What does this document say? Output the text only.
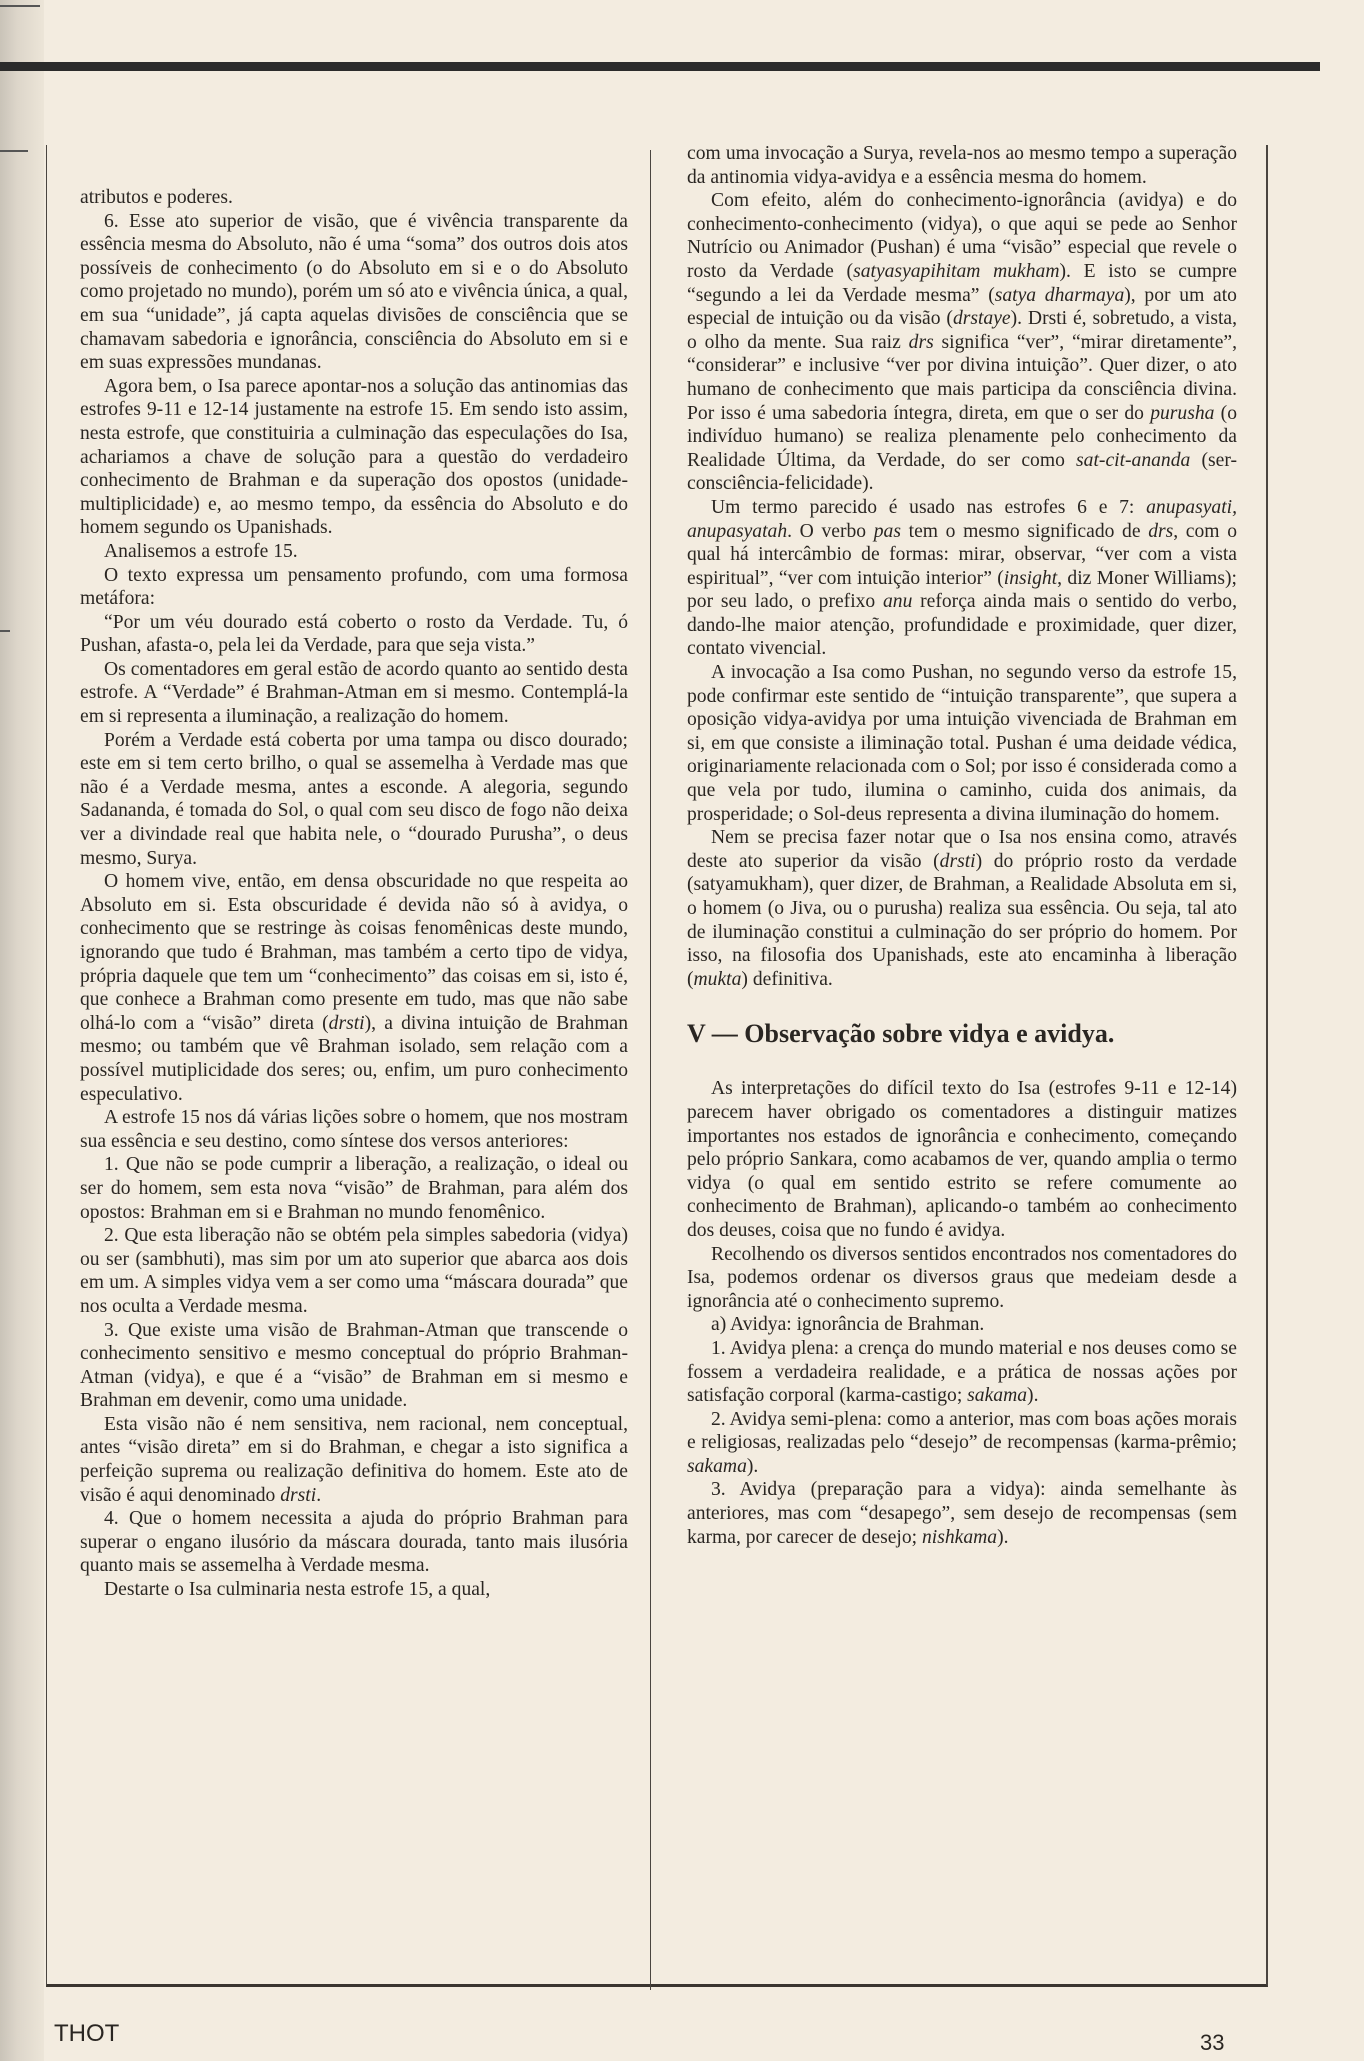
atributos e poderes.

6. Esse ato superior de visão, que é vivência transparente da essência mesma do Absoluto, não é uma “soma” dos outros dois atos possíveis de conhecimento (o do Absoluto em si e o do Absoluto como projetado no mundo), porém um só ato e vivência única, a qual, em sua “unidade”, já capta aquelas divisões de consciência que se chamavam sabedoria e ignorância, consciência do Absoluto em si e em suas expressões mundanas.

Agora bem, o Isa parece apontar-nos a solução das antinomias das estrofes 9-11 e 12-14 justamente na estrofe 15. Em sendo isto assim, nesta estrofe, que constituiria a culminação das especulações do Isa, achariamos a chave de solução para a questão do verdadeiro conhecimento de Brahman e da superação dos opostos (unidade-multiplicidade) e, ao mesmo tempo, da essência do Absoluto e do homem segundo os Upanishads.

Analisemos a estrofe 15.

O texto expressa um pensamento profundo, com uma formosa metáfora:

“Por um véu dourado está coberto o rosto da Verdade. Tu, ó Pushan, afasta-o, pela lei da Verdade, para que seja vista.”

Os comentadores em geral estão de acordo quanto ao sentido desta estrofe. A “Verdade” é Brahman-Atman em si mesmo. Contemplá-la em si representa a iluminação, a realização do homem.

Porém a Verdade está coberta por uma tampa ou disco dourado; este em si tem certo brilho, o qual se assemelha à Verdade mas que não é a Verdade mesma, antes a esconde. A alegoria, segundo Sadananda, é tomada do Sol, o qual com seu disco de fogo não deixa ver a divindade real que habita nele, o “dourado Purusha”, o deus mesmo, Surya.

O homem vive, então, em densa obscuridade no que respeita ao Absoluto em si. Esta obscuridade é devida não só à avidya, o conhecimento que se restringe às coisas fenomênicas deste mundo, ignorando que tudo é Brahman, mas também a certo tipo de vidya, própria daquele que tem um “conhecimento” das coisas em si, isto é, que conhece a Brahman como presente em tudo, mas que não sabe olhá-lo com a “visão” direta (drsti), a divina intuição de Brahman mesmo; ou também que vê Brahman isolado, sem relação com a possível mutiplicidade dos seres; ou, enfim, um puro conhecimento especulativo.

A estrofe 15 nos dá várias lições sobre o homem, que nos mostram sua essência e seu destino, como síntese dos versos anteriores:

1. Que não se pode cumprir a liberação, a realização, o ideal ou ser do homem, sem esta nova “visão” de Brahman, para além dos opostos: Brahman em si e Brahman no mundo fenomênico.

2. Que esta liberação não se obtém pela simples sabedoria (vidya) ou ser (sambhuti), mas sim por um ato superior que abarca aos dois em um. A simples vidya vem a ser como uma “máscara dourada” que nos oculta a Verdade mesma.

3. Que existe uma visão de Brahman-Atman que transcende o conhecimento sensitivo e mesmo conceptual do próprio Brahman-Atman (vidya), e que é a “visão” de Brahman em si mesmo e Brahman em devenir, como uma unidade.

Esta visão não é nem sensitiva, nem racional, nem conceptual, antes “visão direta” em si do Brahman, e chegar a isto significa a perfeição suprema ou realização definitiva do homem. Este ato de visão é aqui denominado drsti.

4. Que o homem necessita a ajuda do próprio Brahman para superar o engano ilusório da máscara dourada, tanto mais ilusória quanto mais se assemelha à Verdade mesma.

Destarte o Isa culminaria nesta estrofe 15, a qual,

com uma invocação a Surya, revela-nos ao mesmo tempo a superação da antinomia vidya-avidya e a essência mesma do homem.

Com efeito, além do conhecimento-ignorância (avidya) e do conhecimento-conhecimento (vidya), o que aqui se pede ao Senhor Nutrício ou Animador (Pushan) é uma “visão” especial que revele o rosto da Verdade (satyasyapihitam mukham). E isto se cumpre “segundo a lei da Verdade mesma” (satya dharmaya), por um ato especial de intuição ou da visão (drstaye). Drsti é, sobretudo, a vista, o olho da mente. Sua raiz drs significa “ver”, “mirar diretamente”, “considerar” e inclusive “ver por divina intuição”. Quer dizer, o ato humano de conhecimento que mais participa da consciência divina. Por isso é uma sabedoria íntegra, direta, em que o ser do purusha (o indivíduo humano) se realiza plenamente pelo conhecimento da Realidade Última, da Verdade, do ser como sat-cit-ananda (ser-consciência-felicidade).

Um termo parecido é usado nas estrofes 6 e 7: anupasyati, anupasyatah. O verbo pas tem o mesmo significado de drs, com o qual há intercâmbio de formas: mirar, observar, “ver com a vista espiritual”, “ver com intuição interior” (insight, diz Moner Williams); por seu lado, o prefixo anu reforça ainda mais o sentido do verbo, dando-lhe maior atenção, profundidade e proximidade, quer dizer, contato vivencial.

A invocação a Isa como Pushan, no segundo verso da estrofe 15, pode confirmar este sentido de “intuição transparente”, que supera a oposição vidya-avidya por uma intuição vivenciada de Brahman em si, em que consiste a iliminação total. Pushan é uma deidade védica, originariamente relacionada com o Sol; por isso é considerada como a que vela por tudo, ilumina o caminho, cuida dos animais, da prosperidade; o Sol-deus representa a divina iluminação do homem.

Nem se precisa fazer notar que o Isa nos ensina como, através deste ato superior da visão (drsti) do próprio rosto da verdade (satyamukham), quer dizer, de Brahman, a Realidade Absoluta em si, o homem (o Jiva, ou o purusha) realiza sua essência. Ou seja, tal ato de iluminação constitui a culminação do ser próprio do homem. Por isso, na filosofia dos Upanishads, este ato encaminha à liberação (mukta) definitiva.

V — Observação sobre vidya e avidya.

As interpretações do difícil texto do Isa (estrofes 9-11 e 12-14) parecem haver obrigado os comentadores a distinguir matizes importantes nos estados de ignorância e conhecimento, começando pelo próprio Sankara, como acabamos de ver, quando amplia o termo vidya (o qual em sentido estrito se refere comumente ao conhecimento de Brahman), aplicando-o também ao conhecimento dos deuses, coisa que no fundo é avidya.

Recolhendo os diversos sentidos encontrados nos comentadores do Isa, podemos ordenar os diversos graus que medeiam desde a ignorância até o conhecimento supremo.

a) Avidya: ignorância de Brahman.

1. Avidya plena: a crença do mundo material e nos deuses como se fossem a verdadeira realidade, e a prática de nossas ações por satisfação corporal (karma-castigo; sakama).

2. Avidya semi-plena: como a anterior, mas com boas ações morais e religiosas, realizadas pelo “desejo” de recompensas (karma-prêmio; sakama).

3. Avidya (preparação para a vidya): ainda semelhante às anteriores, mas com “desapego”, sem desejo de recompensas (sem karma, por carecer de desejo; nishkama).

THOT	33
